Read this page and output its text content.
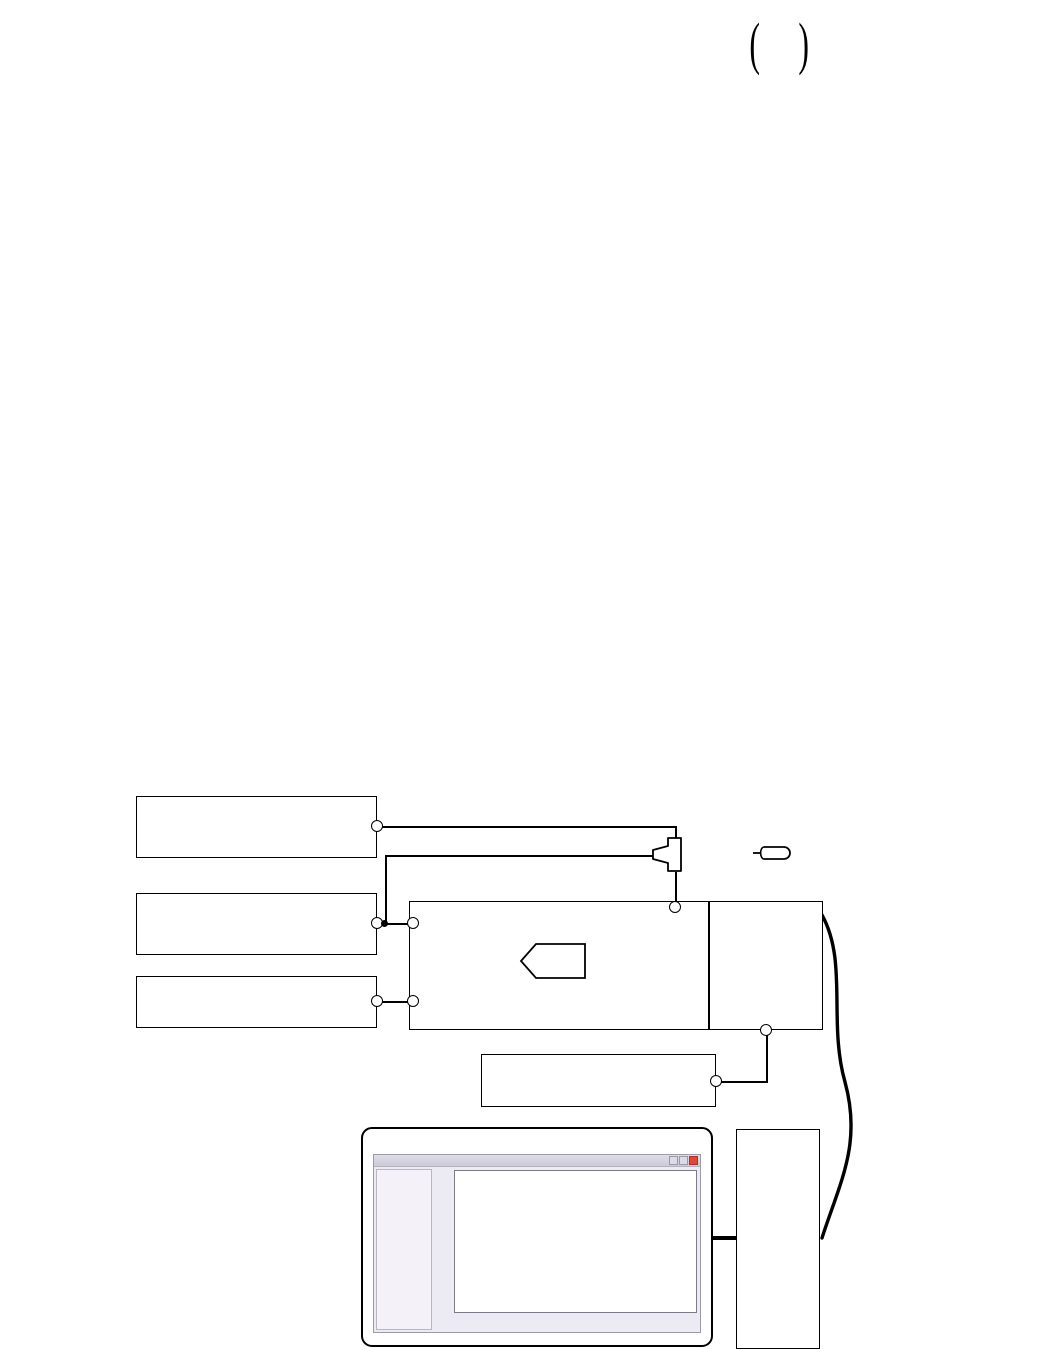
(
)
